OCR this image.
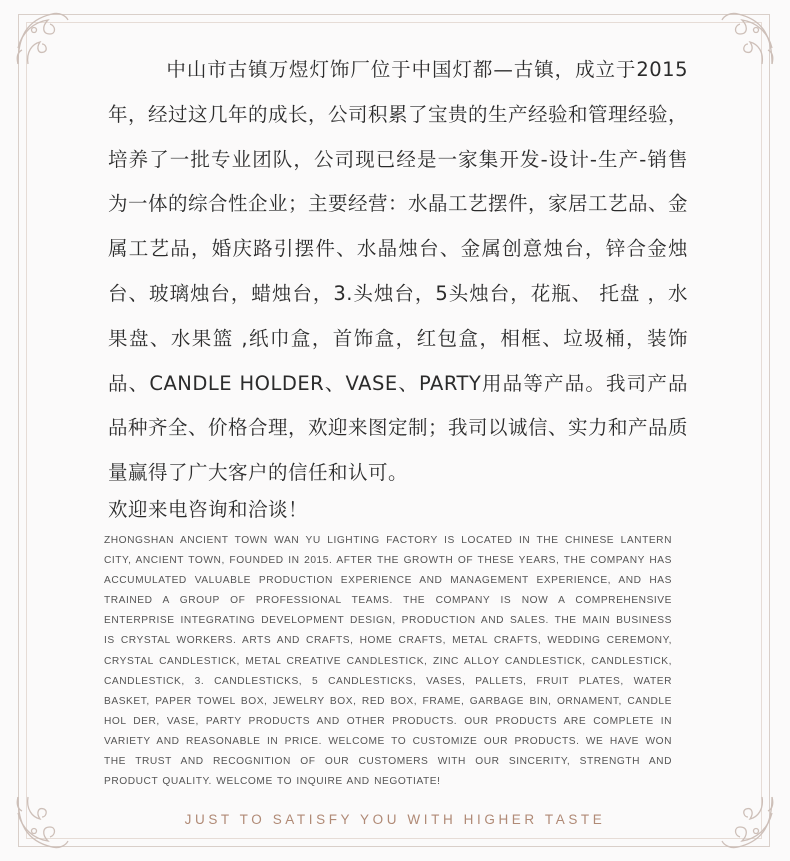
中山市古镇万煜灯饰厂位于中国灯都—古镇，成立于2015年，经过这几年的成长，公司积累了宝贵的生产经验和管理经验，培养了一批专业团队，公司现已经是一家集开发-设计-生产-销售为一体的综合性企业；主要经营：水晶工艺摆件，家居工艺品、金属工艺品，婚庆路引摆件、水晶烛台、金属创意烛台，锌合金烛台、玻璃烛台，蜡烛台，3.头烛台，5头烛台，花瓶、 托盘 ，水果盘、水果篮 ,纸巾盒，首饰盒，红包盒，相框、垃圾桶，装饰品、CANDLE HOLDER、VASE、PARTY用品等产品。我司产品品种齐全、价格合理，欢迎来图定制；我司以诚信、实力和产品质量赢得了广大客户的信任和认可。

欢迎来电咨询和洽谈！

ZHONGSHAN ANCIENT TOWN WAN YU LIGHTING FACTORY IS LOCATED IN THE CHINESE LANTERN CITY, ANCIENT TOWN, FOUNDED IN 2015. AFTER THE GROWTH OF THESE YEARS, THE COMPANY HAS ACCUMULATED VALUABLE PRODUCTION EXPERIENCE AND MANAGEMENT EXPERIENCE, AND HAS TRAINED A GROUP OF PROFESSIONAL TEAMS. THE COMPANY IS NOW A COMPREHENSIVE ENTERPRISE INTEGRATING DEVELOPMENT DESIGN, PRODUCTION AND SALES. THE MAIN BUSINESS IS CRYSTAL WORKERS. ARTS AND CRAFTS, HOME CRAFTS, METAL CRAFTS, WEDDING CEREMONY, CRYSTAL CANDLESTICK, METAL CREATIVE CANDLESTICK, ZINC ALLOY CANDLESTICK, CANDLESTICK, CANDLESTICK, 3. CANDLESTICKS, 5 CANDLESTICKS, VASES, PALLETS, FRUIT PLATES, WATER BASKET, PAPER TOWEL BOX, JEWELRY BOX, RED BOX, FRAME, GARBAGE BIN, ORNAMENT, CANDLE HOL DER, VASE, PARTY PRODUCTS AND OTHER PRODUCTS. OUR PRODUCTS ARE COMPLETE IN VARIETY AND REASONABLE IN PRICE. WELCOME TO CUSTOMIZE OUR PRODUCTS. WE HAVE WON THE TRUST AND RECOGNITION OF OUR CUSTOMERS WITH OUR SINCERITY, STRENGTH AND PRODUCT QUALITY. WELCOME TO INQUIRE AND NEGOTIATE!

JUST TO SATISFY YOU WITH HIGHER TASTE
